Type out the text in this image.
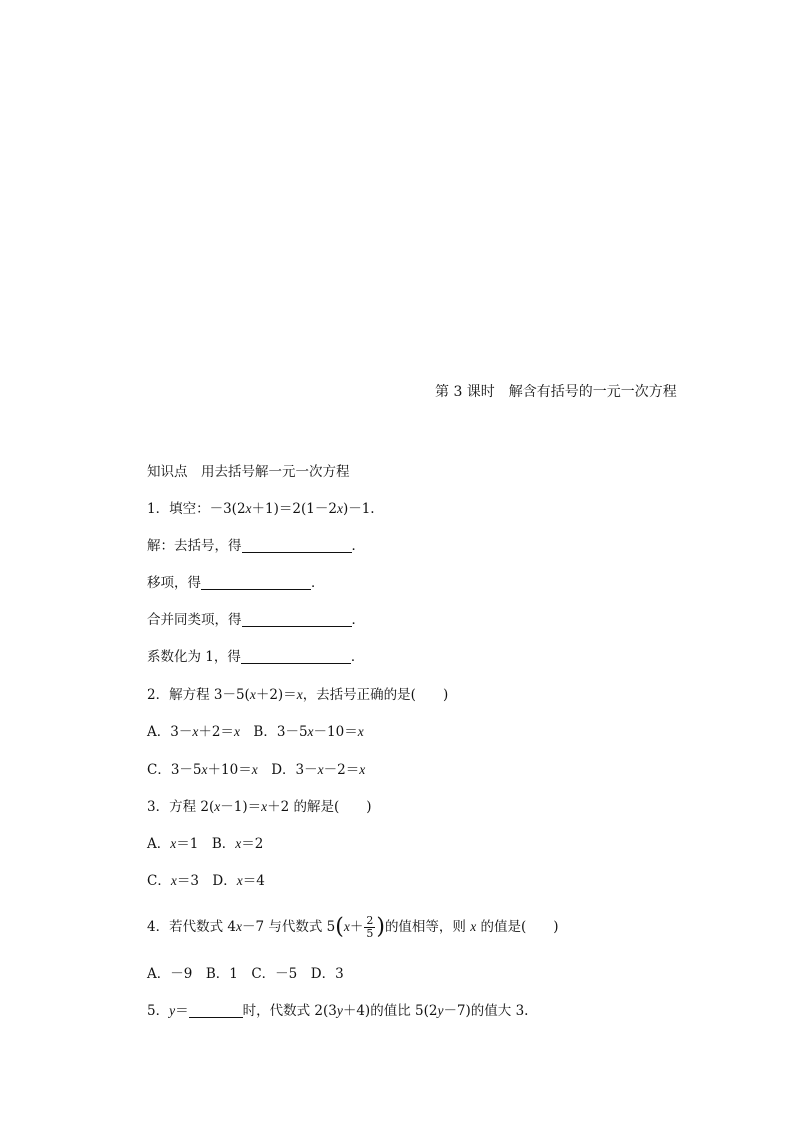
第 3 课时　解含有括号的一元一次方程
知识点　用去括号解一元一次方程
1．填空：－3(2x＋1)＝2(1－2x)－1.
解：去括号，得	．
移项，得	．
合并同类项，得	．
系数化为 1，得	．
2．解方程 3－5(x＋2)＝x，去括号正确的是(　　)
A．3－x＋2＝x　B．3－5x－10＝x
C．3－5x＋10＝x　D．3－x－2＝x
3．方程 2(x－1)＝x＋2 的解是(　　)
A．x＝1　B．x＝2
C．x＝3　D．x＝4
4．若代数式 4x－7 与代数式 $5(x+ \frac{2}{5}$ )的值相等，则 x 的值是(　　)
A．－9　B．1　C．－5　D．3
5．y＝	时，代数式 2(3y＋4)的值比 5(2y－7)的值大 3.
